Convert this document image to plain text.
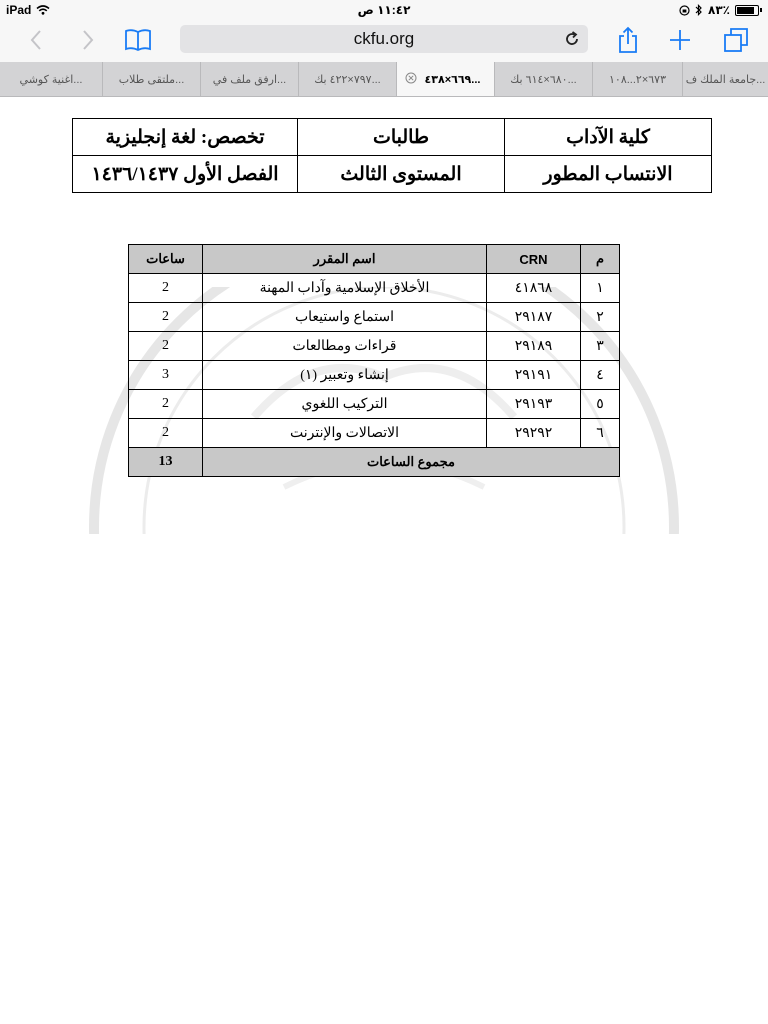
iPad	١١:٤٢ ص	٨٣٪
ckfu.org
اغنية كوشي...	ملتقى طلاب...	ارفق ملف في...	٧٩٧×٤٢٢ بك...	٦٦٩×٤٣٨...	٦٨٠×٦١٤ بك...	٦٧٣×٢...١٠٨ جامعة الملك ف...
كلية الآداب	طالبات	تخصص: لغة إنجليزية
الانتساب المطور	المستوى الثالث	الفصل الأول ١٤٣٦/١٤٣٧
م	CRN	اسم المقرر	ساعات
١	٤١٨٦٨	الأخلاق الإسلامية وآداب المهنة	2
٢	٢٩١٨٧	استماع واستيعاب	2
٣	٢٩١٨٩	قراءات ومطالعات	2
٤	٢٩١٩١	إنشاء وتعبير (١)	3
٥	٢٩١٩٣	التركيب اللغوي	2
٦	٢٩٢٩٢	الاتصالات والإنترنت	2
مجموع الساعات			13
